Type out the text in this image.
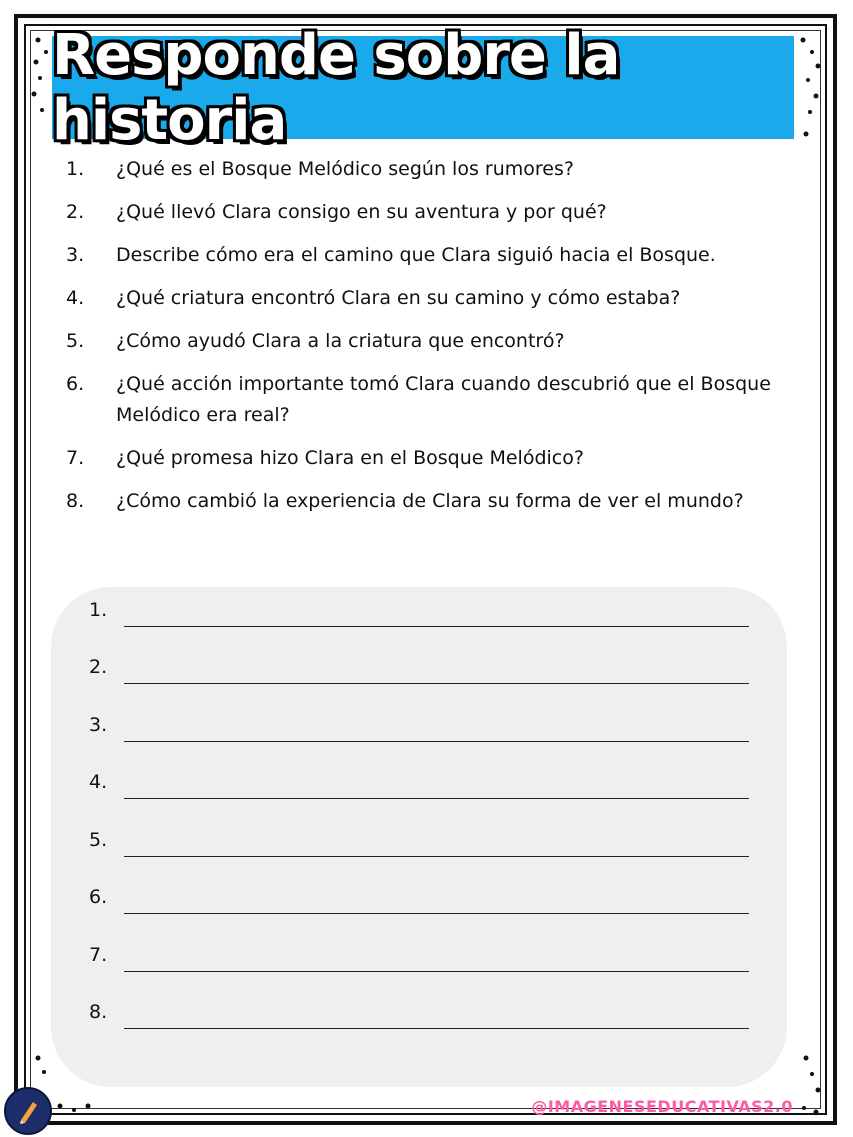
Responde sobre la historia
1.	¿Qué es el Bosque Melódico según los rumores?
2.	¿Qué llevó Clara consigo en su aventura y por qué?
3.	Describe cómo era el camino que Clara siguió hacia el Bosque.
4.	¿Qué criatura encontró Clara en su camino y cómo estaba?
5.	¿Cómo ayudó Clara a la criatura que encontró?
6.	¿Qué acción importante tomó Clara cuando descubrió que el Bosque Melódico era real?
7.	¿Qué promesa hizo Clara en el Bosque Melódico?
8.	¿Cómo cambió la experiencia de Clara su forma de ver el mundo?
1.
2.
3.
4.
5.
6.
7.
8.
@IMAGENESEDUCATIVAS2.0
